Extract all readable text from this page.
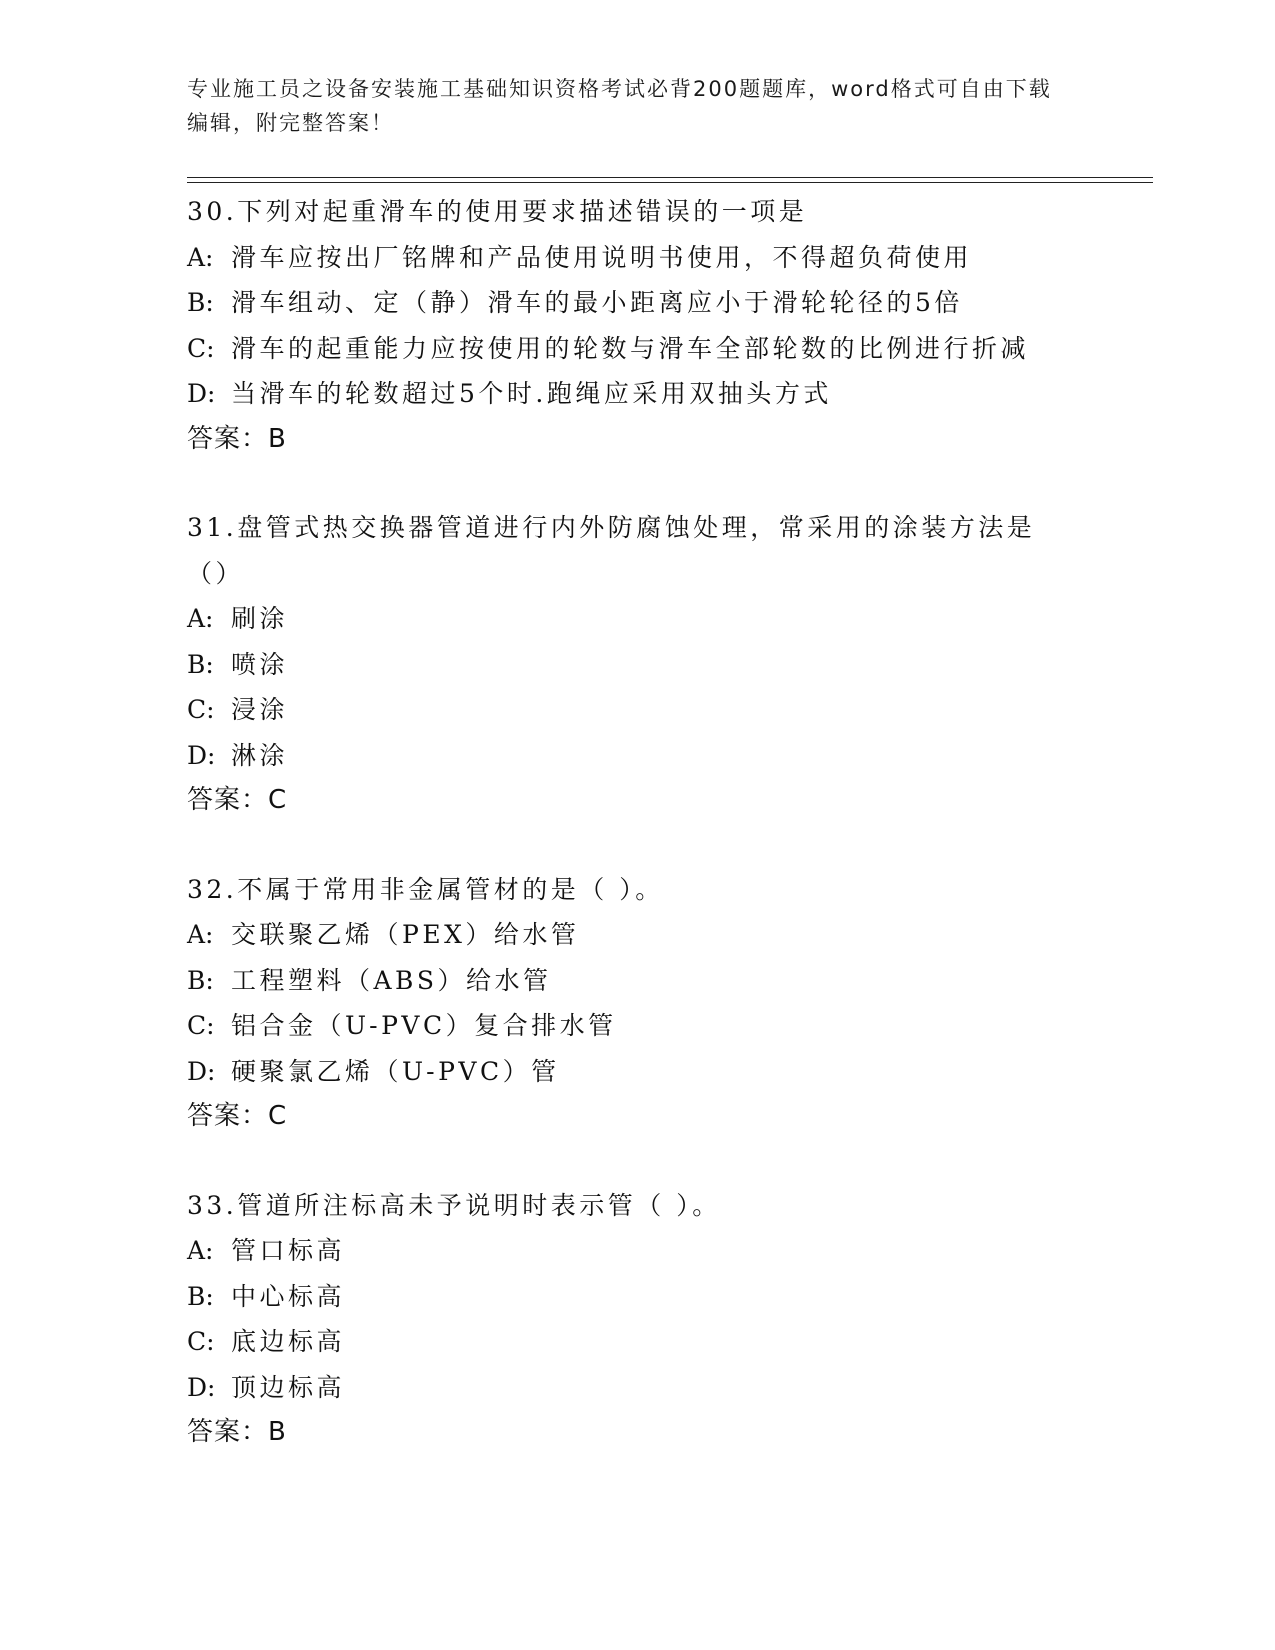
专业施工员之设备安装施工基础知识资格考试必背200题题库，word格式可自由下载编辑，附完整答案！
30.下列对起重滑车的使用要求描述错误的一项是
A: 滑车应按出厂铭牌和产品使用说明书使用，不得超负荷使用
B: 滑车组动、定（静）滑车的最小距离应小于滑轮轮径的5倍
C: 滑车的起重能力应按使用的轮数与滑车全部轮数的比例进行折减
D: 当滑车的轮数超过5个时.跑绳应采用双抽头方式
答案：B
31.盘管式热交换器管道进行内外防腐蚀处理，常采用的涂装方法是（）
A: 刷涂
B: 喷涂
C: 浸涂
D: 淋涂
答案：C
32.不属于常用非金属管材的是（ ）。
A: 交联聚乙烯（PEX）给水管
B: 工程塑料（ABS）给水管
C: 铝合金（U-PVC）复合排水管
D: 硬聚氯乙烯（U-PVC）管
答案：C
33.管道所注标高未予说明时表示管（ ）。
A: 管口标高
B: 中心标高
C: 底边标高
D: 顶边标高
答案：B
